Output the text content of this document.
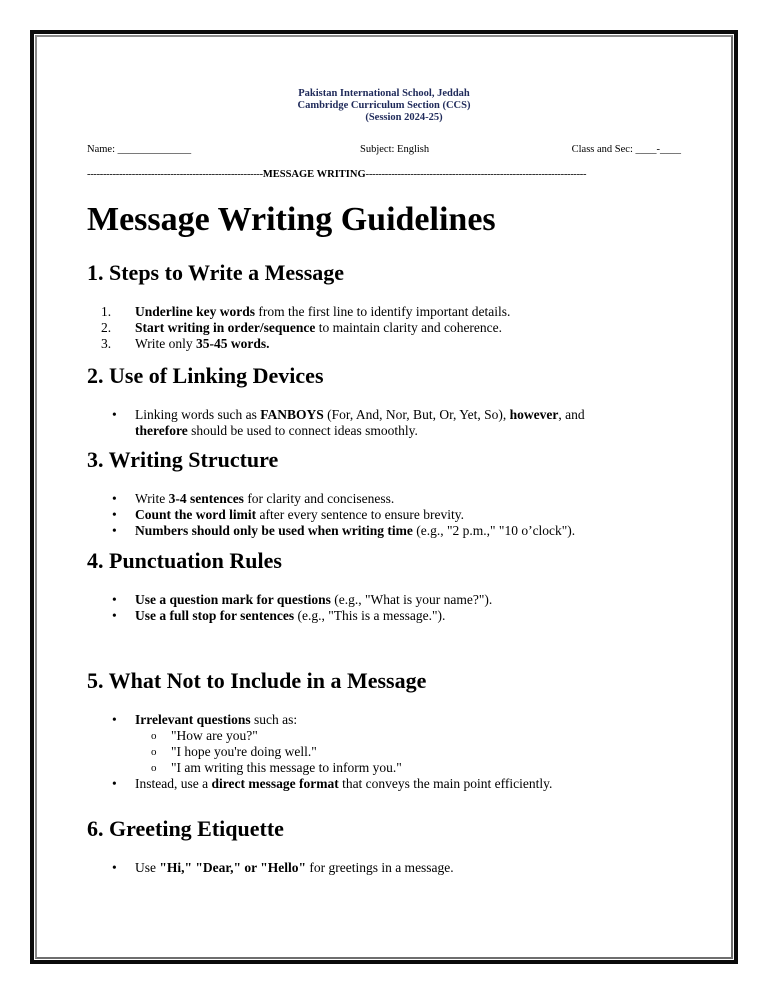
Pakistan International School, Jeddah
Cambridge Curriculum Section (CCS)
(Session 2024-25)
Name: ______________	Subject: English	Class and Sec: ____-____
-------------------------------------------------------MESSAGE WRITING---------------------------------------------------------------------
Message Writing Guidelines
1. Steps to Write a Message
1. Underline key words from the first line to identify important details.
2. Start writing in order/sequence to maintain clarity and coherence.
3. Write only 35-45 words.
2. Use of Linking Devices
• Linking words such as FANBOYS (For, And, Nor, But, Or, Yet, So), however, and
therefore should be used to connect ideas smoothly.
3. Writing Structure
• Write 3-4 sentences for clarity and conciseness.
• Count the word limit after every sentence to ensure brevity.
• Numbers should only be used when writing time (e.g., "2 p.m.," "10 o’clock").
4. Punctuation Rules
• Use a question mark for questions (e.g., "What is your name?").
• Use a full stop for sentences (e.g., "This is a message.").
5. What Not to Include in a Message
• Irrelevant questions such as:
o "How are you?"
o "I hope you're doing well."
o "I am writing this message to inform you."
• Instead, use a direct message format that conveys the main point efficiently.
6. Greeting Etiquette
• Use "Hi," "Dear," or "Hello" for greetings in a message.
